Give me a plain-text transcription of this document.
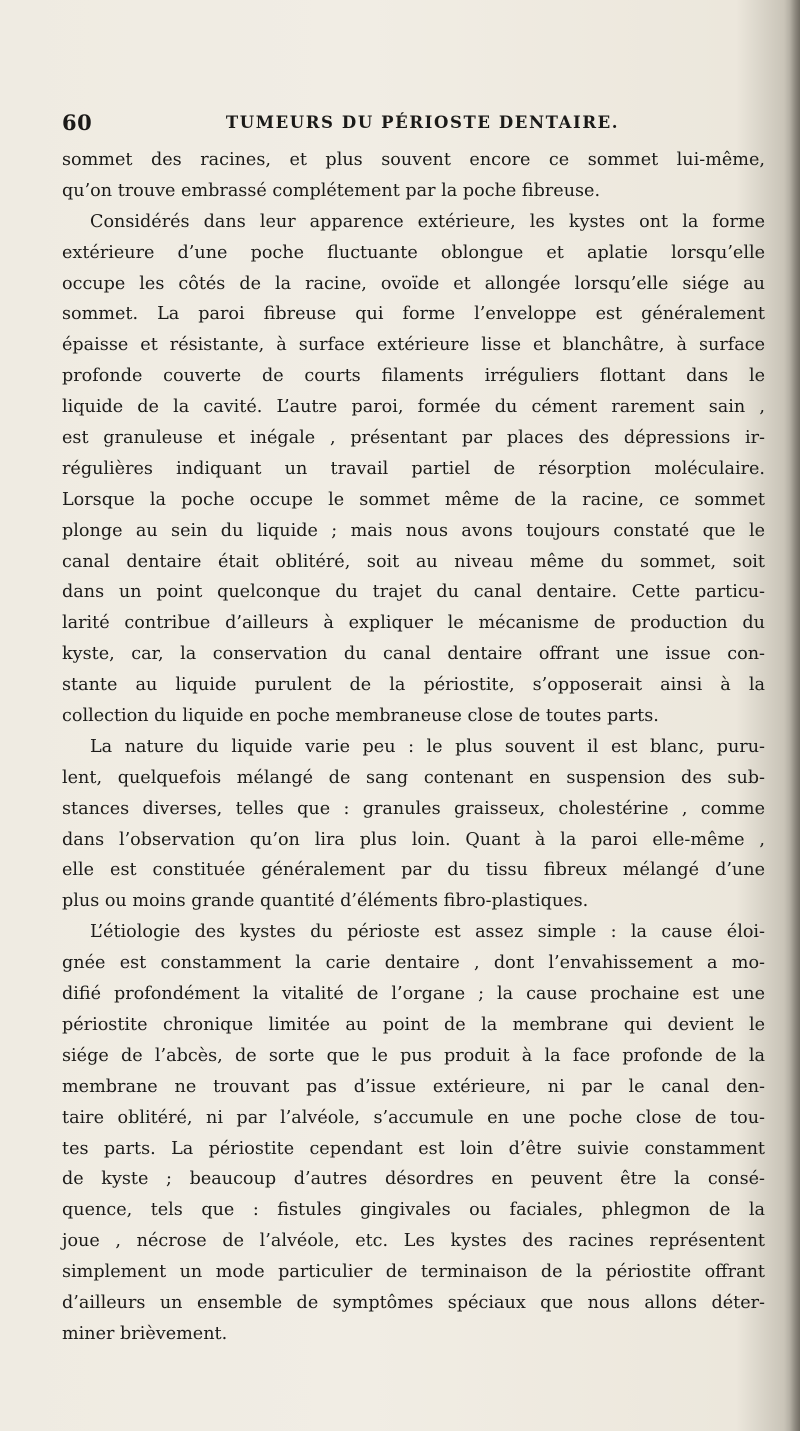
60	TUMEURS DU PÉRIOSTE DENTAIRE.
sommet des racines, et plus souvent encore ce sommet lui-même,
qu’on trouve embrassé complétement par la poche fibreuse.
Considérés dans leur apparence extérieure, les kystes ont la forme
extérieure d’une poche fluctuante oblongue et aplatie lorsqu’elle
occupe les côtés de la racine, ovoïde et allongée lorsqu’elle siége au
sommet. La paroi fibreuse qui forme l’enveloppe est généralement
épaisse et résistante, à surface extérieure lisse et blanchâtre, à surface
profonde couverte de courts filaments irréguliers flottant dans le
liquide de la cavité. L’autre paroi, formée du cément rarement sain ,
est granuleuse et inégale , présentant par places des dépressions ir-
régulières indiquant un travail partiel de résorption moléculaire.
Lorsque la poche occupe le sommet même de la racine, ce sommet
plonge au sein du liquide ; mais nous avons toujours constaté que le
canal dentaire était oblitéré, soit au niveau même du sommet, soit
dans un point quelconque du trajet du canal dentaire. Cette particu-
larité contribue d’ailleurs à expliquer le mécanisme de production du
kyste, car, la conservation du canal dentaire offrant une issue con-
stante au liquide purulent de la périostite, s’opposerait ainsi à la
collection du liquide en poche membraneuse close de toutes parts.
La nature du liquide varie peu : le plus souvent il est blanc, puru-
lent, quelquefois mélangé de sang contenant en suspension des sub-
stances diverses, telles que : granules graisseux, cholestérine , comme
dans l’observation qu’on lira plus loin. Quant à la paroi elle-même ,
elle est constituée généralement par du tissu fibreux mélangé d’une
plus ou moins grande quantité d’éléments fibro-plastiques.
L’étiologie des kystes du périoste est assez simple : la cause éloi-
gnée est constamment la carie dentaire , dont l’envahissement a mo-
difié profondément la vitalité de l’organe ; la cause prochaine est une
périostite chronique limitée au point de la membrane qui devient le
siége de l’abcès, de sorte que le pus produit à la face profonde de la
membrane ne trouvant pas d’issue extérieure, ni par le canal den-
taire oblitéré, ni par l’alvéole, s’accumule en une poche close de tou-
tes parts. La périostite cependant est loin d’être suivie constamment
de kyste ; beaucoup d’autres désordres en peuvent être la consé-
quence, tels que : fistules gingivales ou faciales, phlegmon de la
joue , nécrose de l’alvéole, etc. Les kystes des racines représentent
simplement un mode particulier de terminaison de la périostite offrant
d’ailleurs un ensemble de symptômes spéciaux que nous allons déter-
miner brièvement.
